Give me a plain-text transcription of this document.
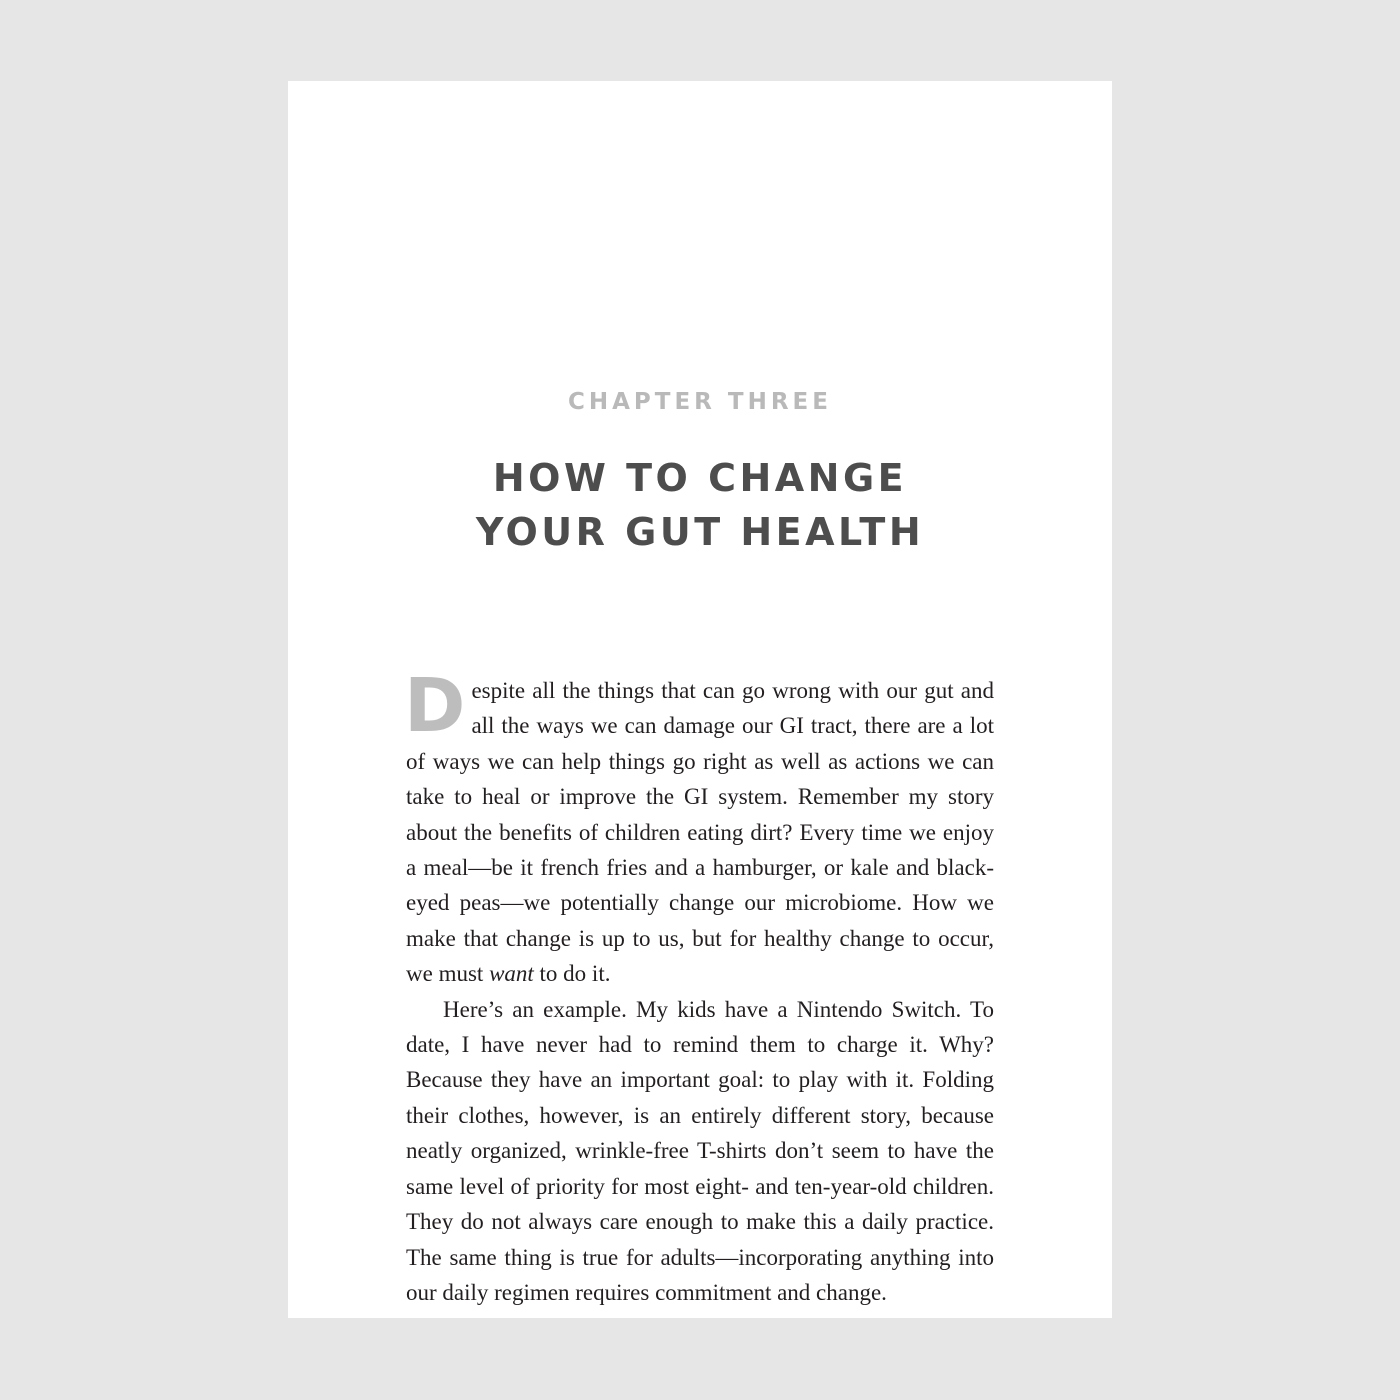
CHAPTER THREE
HOW TO CHANGE
YOUR GUT HEALTH

Despite all the things that can go wrong with our gut and all the ways we can damage our GI tract, there are a lot of ways we can help things go right as well as actions we can take to heal or improve the GI system. Remember my story about the benefits of children eating dirt? Every time we enjoy a meal—be it french fries and a hamburger, or kale and black-eyed peas—we potentially change our microbiome. How we make that change is up to us, but for healthy change to occur, we must want to do it.

Here’s an example. My kids have a Nintendo Switch. To date, I have never had to remind them to charge it. Why? Because they have an important goal: to play with it. Folding their clothes, however, is an entirely different story, because neatly organized, wrinkle-free T-shirts don’t seem to have the same level of priority for most eight- and ten-year-old children. They do not always care enough to make this a daily practice. The same thing is true for adults—incorporating anything into our daily regimen requires commitment and change.
